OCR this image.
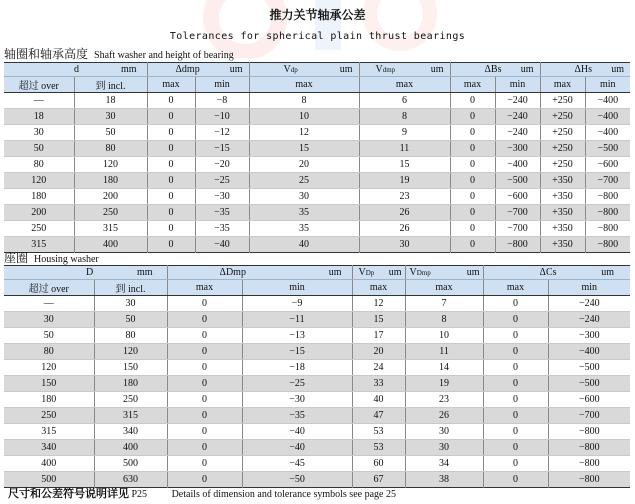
推力关节轴承公差
Tolerances for spherical plain thrust bearings
轴圈和轴承高度 Shaft washer and height of bearing
d mm		Δdmp um		Vdp um	Vdmp um	ΔBs um		ΔHs um	

超过 over	到 incl.	max	min	max	max	max	min	max	min
—	18	0	−8	8	6	0	−240	+250	−400
18	30	0	−10	10	8	0	−240	+250	−400
30	50	0	−12	12	9	0	−240	+250	−400
50	80	0	−15	15	11	0	−300	+250	−500
80	120	0	−20	20	15	0	−400	+250	−600
120	180	0	−25	25	19	0	−500	+350	−700
180	200	0	−30	30	23	0	−600	+350	−800
200	250	0	−35	35	26	0	−700	+350	−800
250	315	0	−35	35	26	0	−700	+350	−800
315	400	0	−40	40	30	0	−800	+350	−800
座圈 Housing washer
D mm		ΔDmp um		VDp um	VDmp um	ΔCs um	

超过 over	到 incl.	max	min	max	max	max	min
—	30	0	−9	12	7	0	−240
30	50	0	−11	15	8	0	−240
50	80	0	−13	17	10	0	−300
80	120	0	−15	20	11	0	−400
120	150	0	−18	24	14	0	−500
150	180	0	−25	33	19	0	−500
180	250	0	−30	40	23	0	−600
250	315	0	−35	47	26	0	−700
315	340	0	−40	53	30	0	−800
340	400	0	−40	53	30	0	−800
400	500	0	−45	60	34	0	−800
500	630	0	−50	67	38	0	−800
尺寸和公差符号说明详见 P25 Details of dimension and tolerance symbols see page 25
